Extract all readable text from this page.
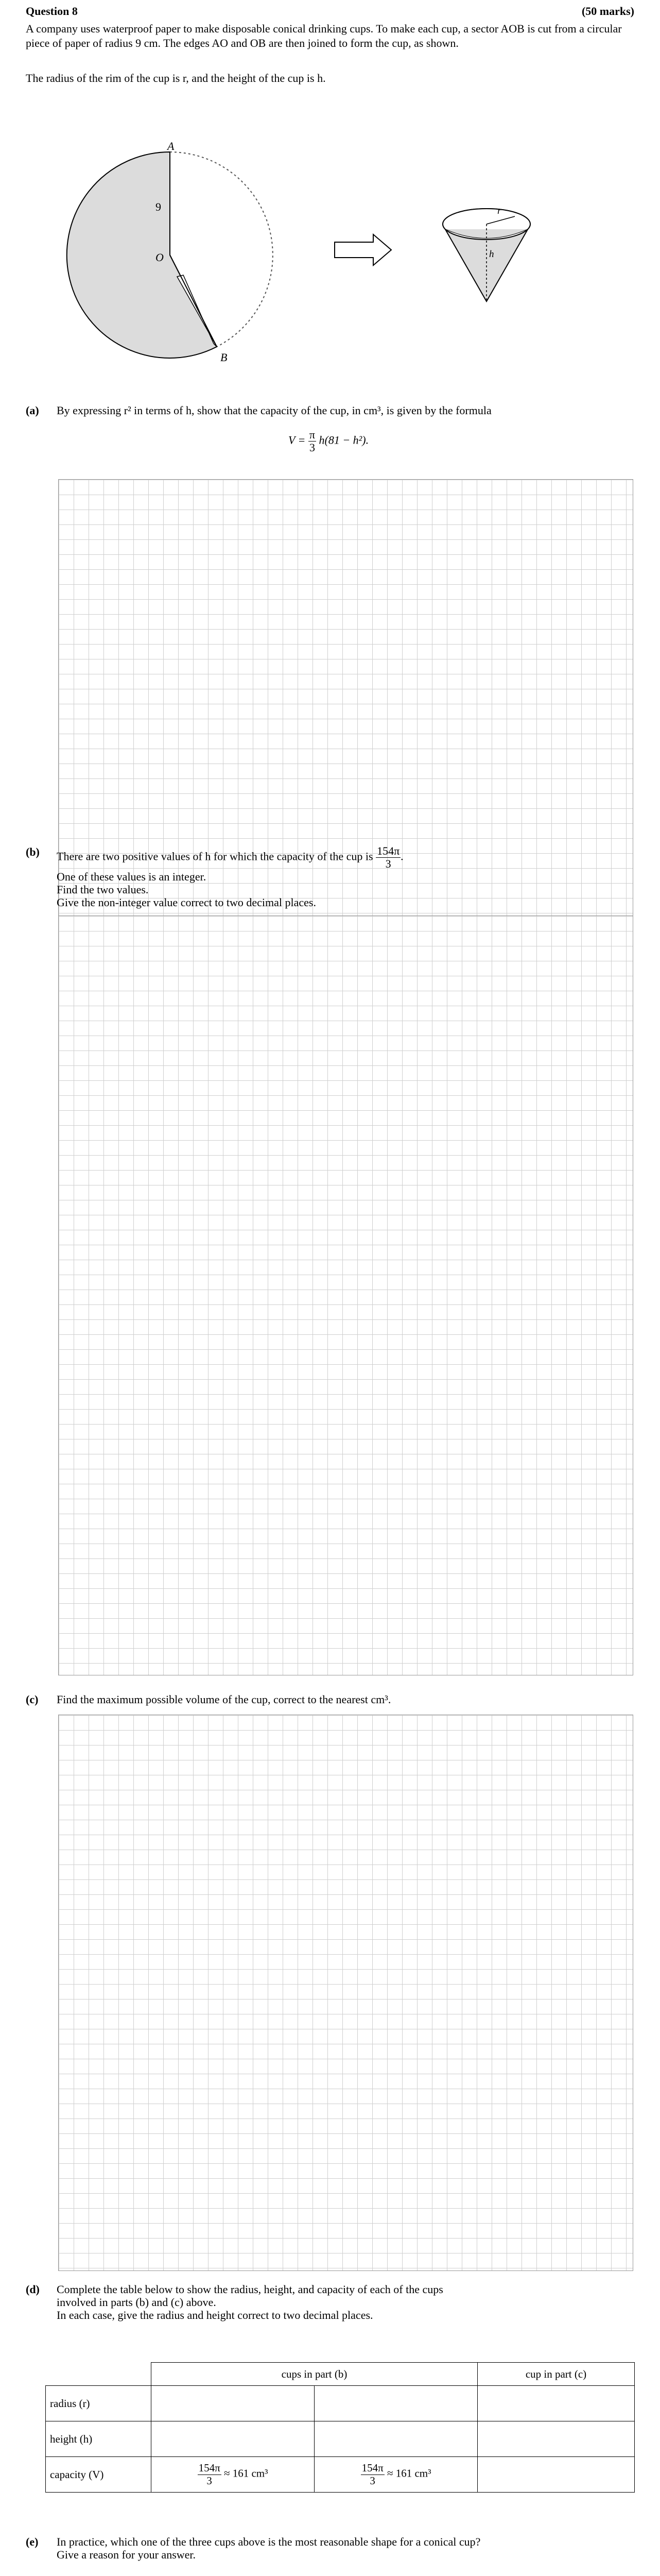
Question 8	(50 marks)
A company uses waterproof paper to make disposable conical drinking cups. To make each cup, a sector AOB is cut from a circular piece of paper of radius 9 cm. The edges AO and OB are then joined to form the cup, as shown.
The radius of the rim of the cup is r, and the height of the cup is h.
A
9
O
B
r
h
(a) By expressing r² in terms of h, show that the capacity of the cup, in cm³, is given by the formula
$V = \frac{\pi}{3} h(81 - h^2)$.
(b) There are two positive values of h for which the capacity of the cup is $\frac{154\pi}{3}$ .
One of these values is an integer.
Find the two values.
Give the non-integer value correct to two decimal places.
(c) Find the maximum possible volume of the cup, correct to the nearest cm³.
(d) Complete the table below to show the radius, height, and capacity of each of the cups
involved in parts (b) and (c) above.
In each case, give the radius and height correct to two decimal places.
	cups in part (b)		cup in part (c)
radius (r)			
height (h)			
capacity (V)	$\frac{154\pi}{3} \approx 161$ cm³	$\frac{154\pi}{3} \approx 161$ cm³	
(e) In practice, which one of the three cups above is the most reasonable shape for a conical cup?
Give a reason for your answer.
